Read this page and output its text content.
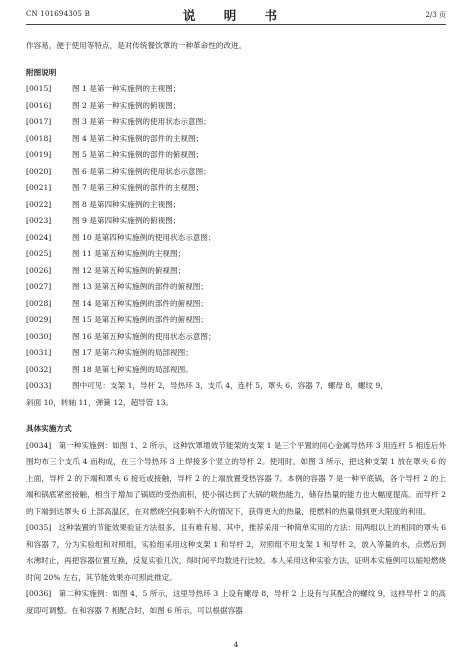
CN 101694305 B	说 明 书	2/3 页

作容易，便于使用等特点，是对传统餐饮罩的一种革命性的改进。

附图说明

[0015]	图 1 是第一种实施例的主视图；
[0016]	图 2 是第一种实施例的俯视图；
[0017]	图 3 是第一种实施例的使用状态示意图；
[0018]	图 4 是第二种实施例的部件的主视图；
[0019]	图 5 是第二种实施例的部件的俯视图；
[0020]	图 6 是第二种实施例的使用状态示意图；
[0021]	图 7 是第三种实施例的部件的主视图；
[0022]	图 8 是第四种实施例的主视图；
[0023]	图 9 是第四种实施例的俯视图；
[0024]	图 10 是第四种实施例的使用状态示意图；
[0025]	图 11 是第五种实施例的主视图；
[0026]	图 12 是第五种实施例的俯视图；
[0027]	图 13 是第五种实施例的部件的俯视图；
[0028]	图 14 是第五种实施例的部件的俯视图；
[0029]	图 15 是第五种实施例的部件的俯视图；
[0030]	图 16 是第五种实施例的使用状态示意图；
[0031]	图 17 是第六种实施例的局部视图；
[0032]	图 18 是第七种实施例的局部视图。
[0033]	图中可见：支架 1，导杆 2，导热环 3，支爪 4，连杆 5，罩头 6，容器 7，螺母 8，螺纹 9，

斜面 10，转轴 11，弹簧 12，超导管 13。

具体实施方式

[0034] 第一种实施例：如图 1、2 所示，这种饮罩增效节能架的支架 1 是三个平置的同心金属导热环 3 用连杆 5 相连后外围均布三个支爪 4 而构成，在三个导热环 3 上焊接多个竖立的导杆 2。使用时，如图 3 所示，把这种支架 1 放在罩头 6 的上面，导杆 2 的下端和罩头 6 接近或接触，导杆 2 的上端放置受热容器 7。本例的容器 7 是一种平底锅，各个导杆 2 的上端和锅底紧密接触，相当于增加了锅底的受热面积，使小锅达到了大锅的吸热能力，储存热量的能力也大幅度提高。而导杆 2 的下端到达罩头 6 上部高温区，在对燃烧空间影响不大的情况下，获得更大的热量，使燃料的热量得到更大限度的利用。

[0035] 这种装置的节能效果验证方法很多，且有难有易。其中，推荐采用一种简单实用的方法：用两组以上的相同的罩头 6 和容器 7，分为实验组和对照组，实验组采用这种支架 1 和导杆 2，对照组不用支架 1 和导杆 2，放入等量的水，点燃后到水沸时止，再把容器位置互换，反复实验几次，得时间平均数进行比较。本人采用这种实验方法，证明本实施例可以缩短燃烧时间 20% 左右，其节能效果亦可照此推定。

[0036] 第二种实施例：如图 4、5 所示，这里导热环 3 上设有螺母 8，导杆 2 上设有与其配合的螺纹 9，这样导杆 2 的高度即可调整。在和容器 7 相配合时，如图 6 所示，可以根据容器

4
